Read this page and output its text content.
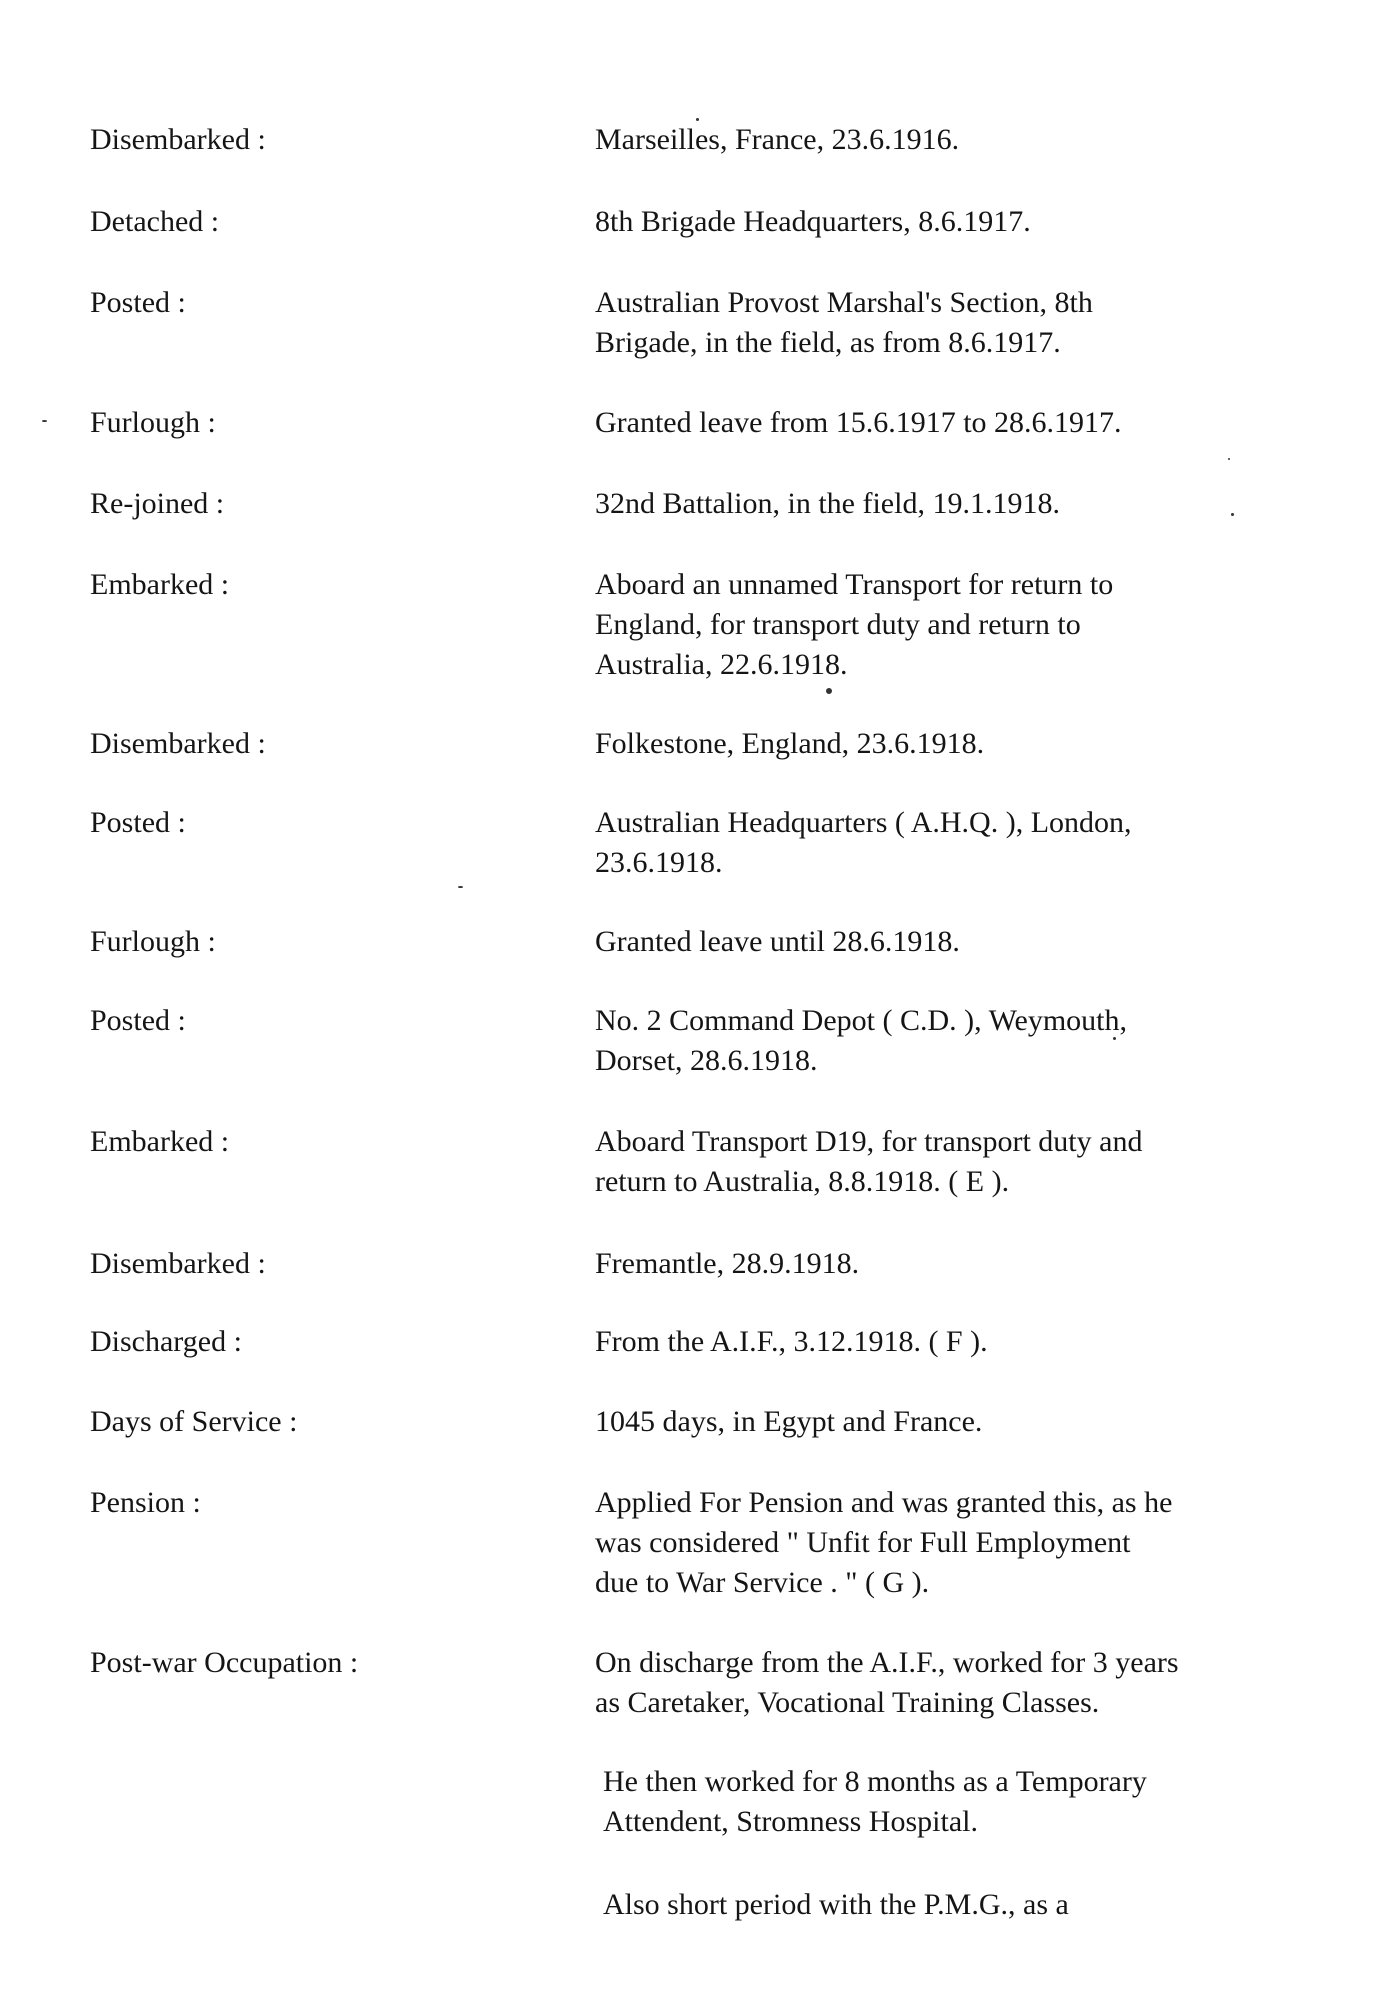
Disembarked :	Marseilles, France, 23.6.1916.
Detached :	8th Brigade Headquarters, 8.6.1917.
Posted :	Australian Provost Marshal's Section, 8th
Brigade, in the field, as from 8.6.1917.
Furlough :	Granted leave from 15.6.1917 to 28.6.1917.
Re-joined :	32nd Battalion, in the field, 19.1.1918.
Embarked :	Aboard an unnamed Transport for return to
England, for transport duty and return to
Australia, 22.6.1918.
Disembarked :	Folkestone, England, 23.6.1918.
Posted :	Australian Headquarters ( A.H.Q. ), London,
23.6.1918.
Furlough :	Granted leave until 28.6.1918.
Posted :	No. 2 Command Depot ( C.D. ), Weymouth,
Dorset, 28.6.1918.
Embarked :	Aboard Transport D19, for transport duty and
return to Australia, 8.8.1918. ( E ).
Disembarked :	Fremantle, 28.9.1918.
Discharged :	From the A.I.F., 3.12.1918. ( F ).
Days of Service :	1045 days, in Egypt and France.
Pension :	Applied For Pension and was granted this, as he
was considered " Unfit for Full Employment
due to War Service . " ( G ).
Post-war Occupation :	On discharge from the A.I.F., worked for 3 years
as Caretaker, Vocational Training Classes.
He then worked for 8 months as a Temporary
Attendent, Stromness Hospital.
Also short period with the P.M.G., as a
